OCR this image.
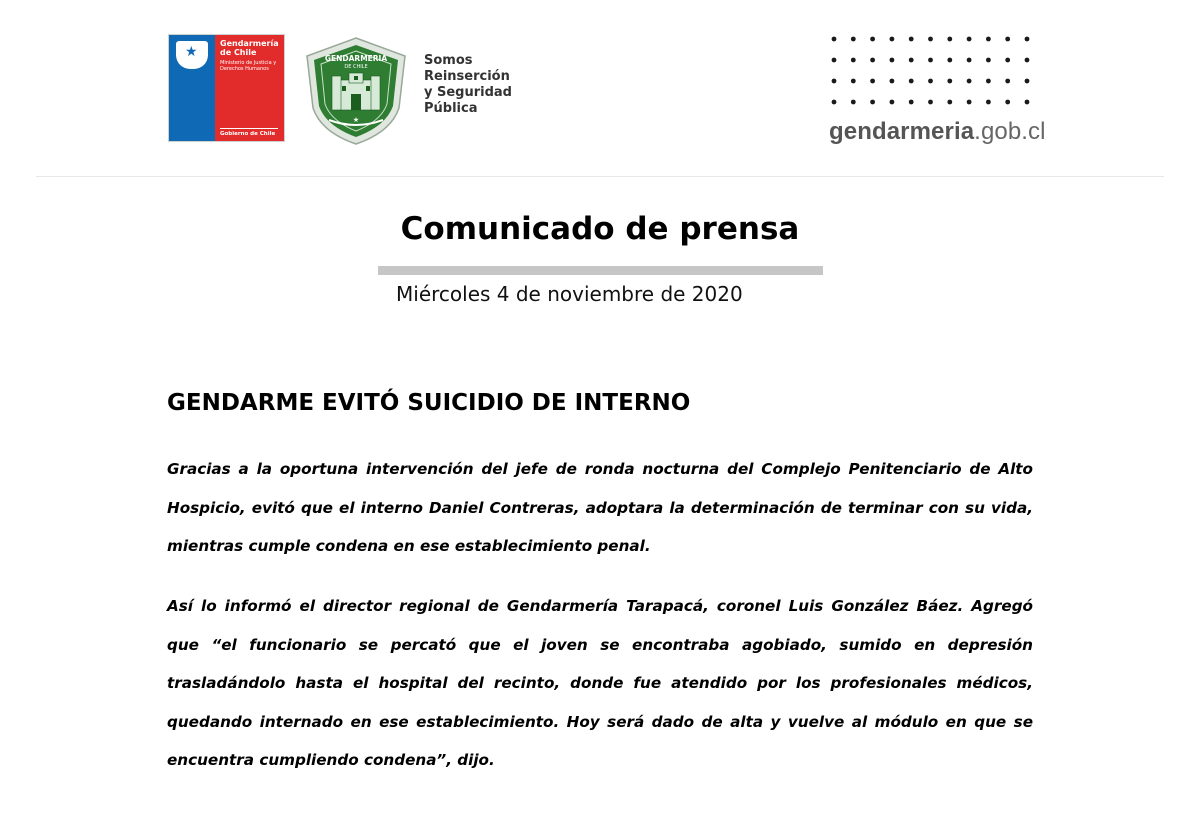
★
Gendarmería de Chile
Ministerio de Justicia y Derechos Humanos
Gobierno de Chile
GENDARMERIA
DE CHILE
★
Somos
Reinserción
y Seguridad
Pública
gendarmeria.gob.cl
Comunicado de prensa
Miércoles 4 de noviembre de 2020
GENDARME EVITÓ SUICIDIO DE INTERNO

Gracias a la oportuna intervención del jefe de ronda nocturna del Complejo Penitenciario de Alto Hospicio, evitó que el interno Daniel Contreras, adoptara la determinación de terminar con su vida, mientras cumple condena en ese establecimiento penal.

Así lo informó el director regional de Gendarmería Tarapacá, coronel Luis González Báez. Agregó que “el funcionario se percató que el joven se encontraba agobiado, sumido en depresión trasladándolo hasta el hospital del recinto, donde fue atendido por los profesionales médicos, quedando internado en ese establecimiento. Hoy será dado de alta y vuelve al módulo en que se encuentra cumpliendo condena”, dijo.
